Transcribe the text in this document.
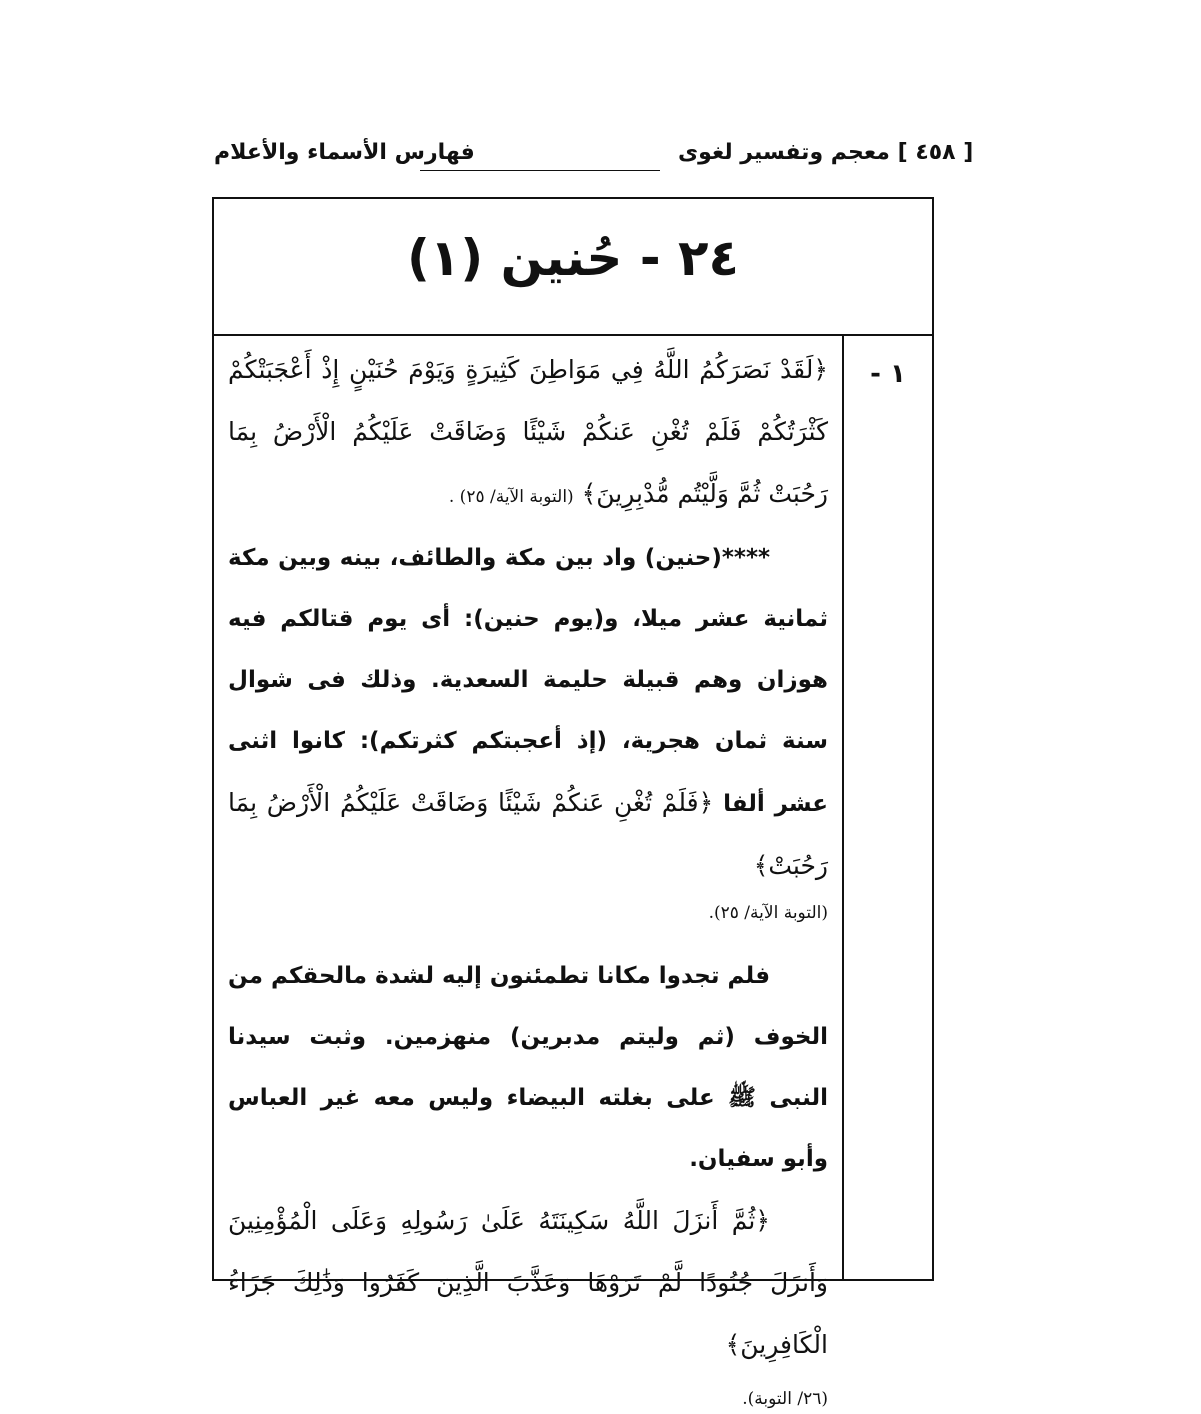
فهارس الأسماء والأعلام	[ ٤٥٨ ] معجم وتفسير لغوى
٢٤ - حُنين (١)
١ -

﴿لَقَدْ نَصَرَكُمُ اللَّهُ فِي مَوَاطِنَ كَثِيرَةٍ وَيَوْمَ حُنَيْنٍ إِذْ أَعْجَبَتْكُمْ كَثْرَتُكُمْ فَلَمْ تُغْنِ عَنكُمْ شَيْئًا وَضَاقَتْ عَلَيْكُمُ الْأَرْضُ بِمَا رَحُبَتْ ثُمَّ وَلَّيْتُم مُّدْبِرِينَ﴾ (التوبة الآية/ ٢٥) .

****(حنين) واد بين مكة والطائف، بينه وبين مكة ثمانية عشر ميلا، و(يوم حنين): أى يوم قتالكم فيه هوزان وهم قبيلة حليمة السعدية. وذلك فى شوال سنة ثمان هجرية، (إذ أعجبتكم كثرتكم): كانوا اثنى عشر ألفا ﴿فَلَمْ تُغْنِ عَنكُمْ شَيْئًا وَضَاقَتْ عَلَيْكُمُ الْأَرْضُ بِمَا رَحُبَتْ﴾

(التوبة الآية/ ٢٥).

فلم تجدوا مكانا تطمئنون إليه لشدة مالحقكم من الخوف (ثم وليتم مدبرين) منهزمين. وثبت سيدنا النبى ﷺ على بغلته البيضاء وليس معه غير العباس وأبو سفيان.

﴿ثُمَّ أَنزَلَ اللَّهُ سَكِينَتَهُ عَلَىٰ رَسُولِهِ وَعَلَى الْمُؤْمِنِينَ وَأَنزَلَ جُنُودًا لَّمْ تَرَوْهَا وَعَذَّبَ الَّذِينَ كَفَرُوا وَذَٰلِكَ جَزَاءُ الْكَافِرِينَ﴾

(٢٦/ التوبة).
